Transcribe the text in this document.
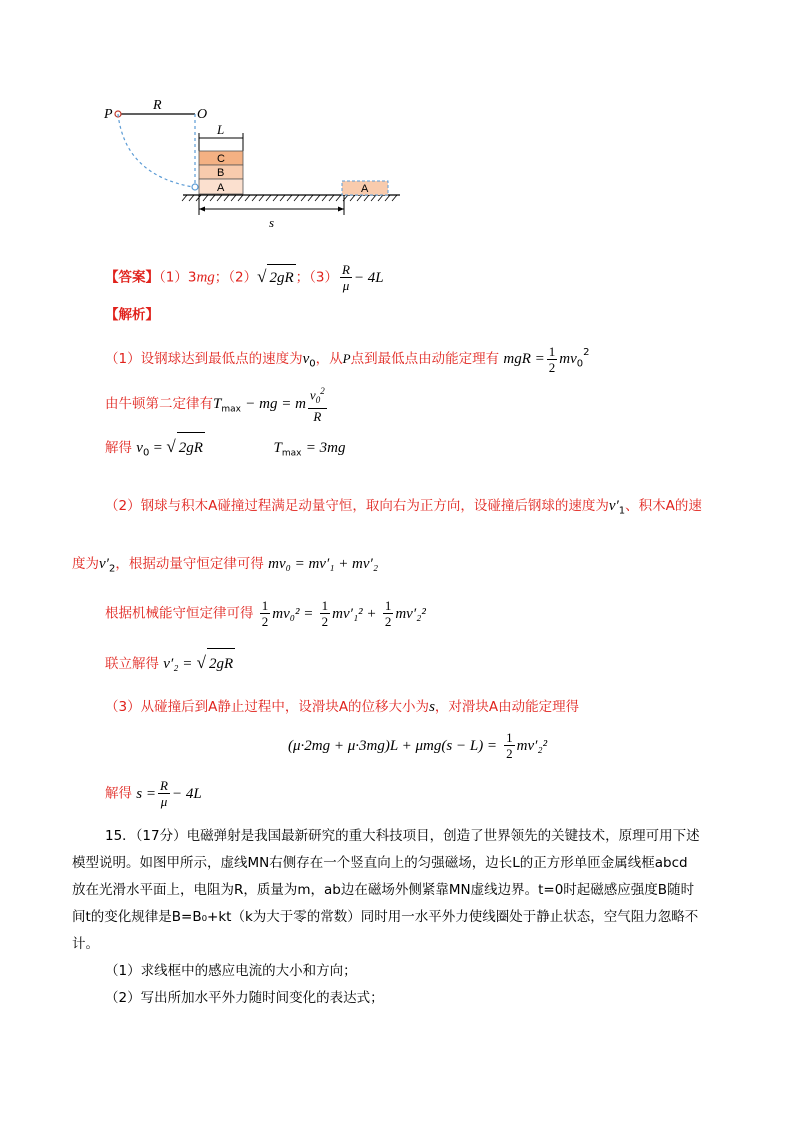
P
R
O
L
C
B
A	A
s
【答案】（1）3mg；（2）√ 2gR ；$(3) \frac{R}{\mu} - 4L$
【解析】
（1）设钢球达到最低点的速度为$v_0$，从P点到最低点由动能定理有 mgR = $\frac{1}{2} mv_0^2$
由牛顿第二定律有$T_{max}$ − mg = m $\frac{v_0^2}{R}$
解得 $v_0$ = √ 2gR	$T_{max} = 3mg$
（2）钢球与积木A碰撞过程满足动量守恒，取向右为正方向，设碰撞后钢球的速度为$v'_1$、积木A的速
度为$v'_2$，根据动量守恒定律可得 mv₀ = mv′₁ + mv′₂
根据机械能守恒定律可得 $\frac{1}{2} mv_0^2 = \frac{1}{2} mv'_1^2 + \frac{1}{2} mv'_2^2$
联立解得 v′₂ = √ 2gR
（3）从碰撞后到A静止过程中，设滑块A的位移大小为s，对滑块A由动能定理得
$(\mu\cdot 2mg + \mu\cdot 3mg)L + \mu mg(s - L) = \frac{1}{2} mv'_2^2$
解得 $s = \frac{R}{\mu} - 4L$
15．（17分）电磁弹射是我国最新研究的重大科技项目，创造了世界领先的关键技术，原理可用下述
模型说明。如图甲所示，虚线MN右侧存在一个竖直向上的匀强磁场，边长L的正方形单匝金属线框abcd
放在光滑水平面上，电阻为R，质量为m，ab边在磁场外侧紧靠MN虚线边界。t=0时起磁感应强度B随时
间t的变化规律是B=B₀+kt（k为大于零的常数）同时用一水平外力使线圈处于静止状态，空气阻力忽略不
计。
（1）求线框中的感应电流的大小和方向；
（2）写出所加水平外力随时间变化的表达式；
